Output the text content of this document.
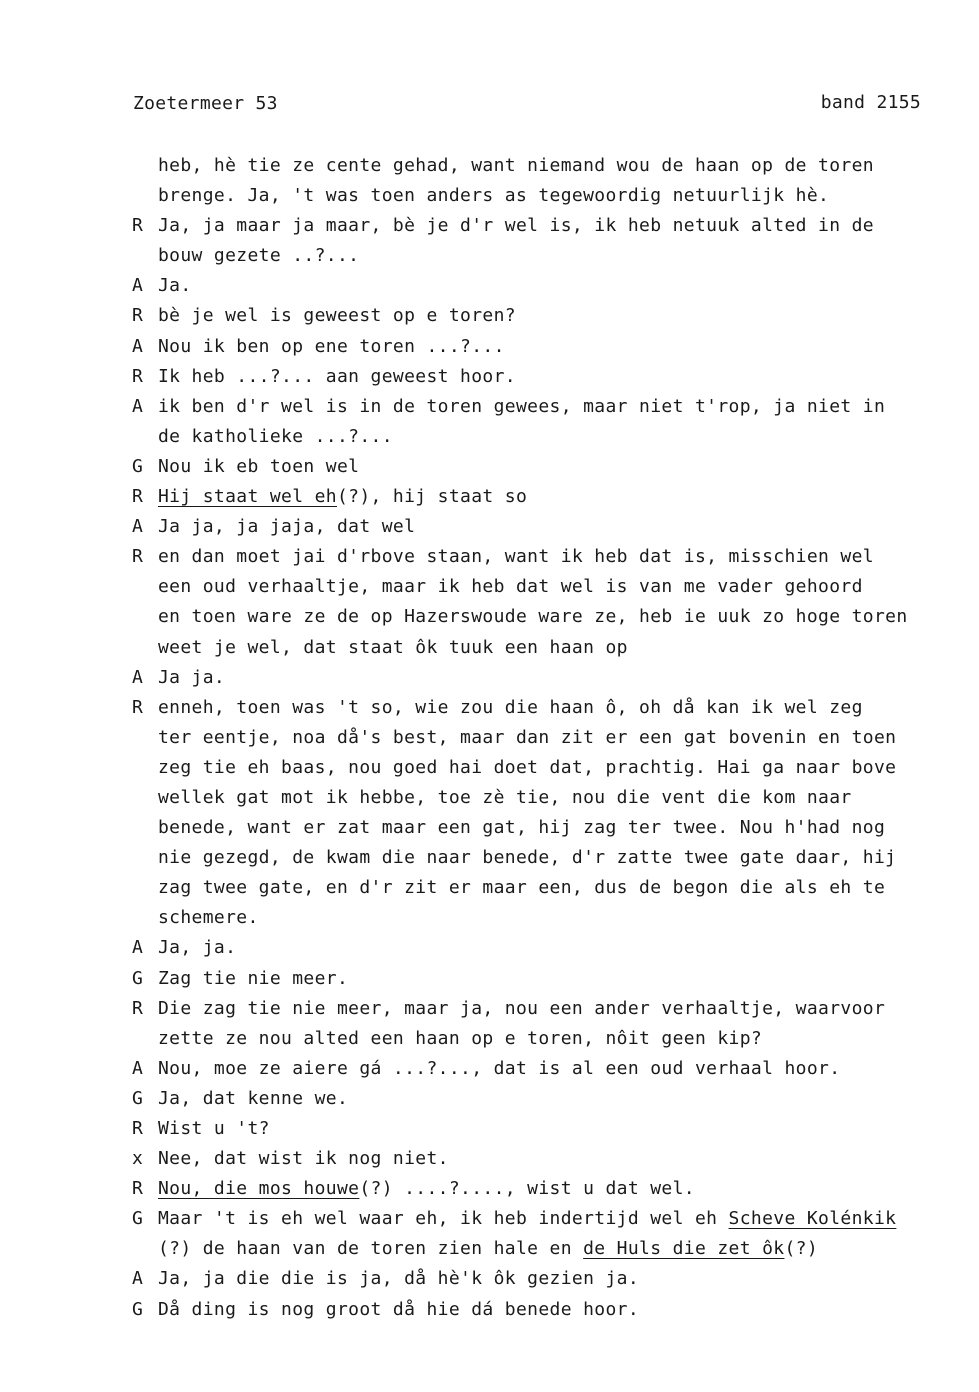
Zoetermeer 53	band 2155
heb, hè tie ze cente gehad, want niemand wou de haan op de toren
brenge. Ja, 't was toen anders as tegewoordig netuurlijk hè.
R Ja, ja maar ja maar, bè je d'r wel is, ik heb netuuk alted in de
bouw gezete ..?...
A Ja.
R bè je wel is geweest op e toren?
A Nou ik ben op ene toren ...?...
R Ik heb ...?... aan geweest hoor.
A ik ben d'r wel is in de toren gewees, maar niet t'rop, ja niet in
de katholieke ...?...
G Nou ik eb toen wel
R Hij staat wel eh(?), hij staat so
A Ja ja, ja jaja, dat wel
R en dan moet jai d'rbove staan, want ik heb dat is, misschien wel
een oud verhaaltje, maar ik heb dat wel is van me vader gehoord
en toen ware ze de op Hazerswoude ware ze, heb ie uuk zo hoge toren
weet je wel, dat staat ôk tuuk een haan op
A Ja ja.
R enneh, toen was 't so, wie zou die haan ô, oh då kan ik wel zeg
ter eentje, noa då's best, maar dan zit er een gat bovenin en toen
zeg tie eh baas, nou goed hai doet dat, prachtig. Hai ga naar bove
wellek gat mot ik hebbe, toe zè tie, nou die vent die kom naar
benede, want er zat maar een gat, hij zag ter twee. Nou h'had nog
nie gezegd, de kwam die naar benede, d'r zatte twee gate daar, hij
zag twee gate, en d'r zit er maar een, dus de begon die als eh te
schemere.
A Ja, ja.
G Zag tie nie meer.
R Die zag tie nie meer, maar ja, nou een ander verhaaltje, waarvoor
zette ze nou alted een haan op e toren, nôit geen kip?
A Nou, moe ze aiere gá ...?..., dat is al een oud verhaal hoor.
G Ja, dat kenne we.
R Wist u 't?
x Nee, dat wist ik nog niet.
R Nou, die mos houwe(?) ....?...., wist u dat wel.
G Maar 't is eh wel waar eh, ik heb indertijd wel eh Scheve Kolénkik
(?) de haan van de toren zien hale en de Huls die zet ôk(?)
A Ja, ja die die is ja, då hè'k ôk gezien ja.
G Då ding is nog groot då hie dá benede hoor.
